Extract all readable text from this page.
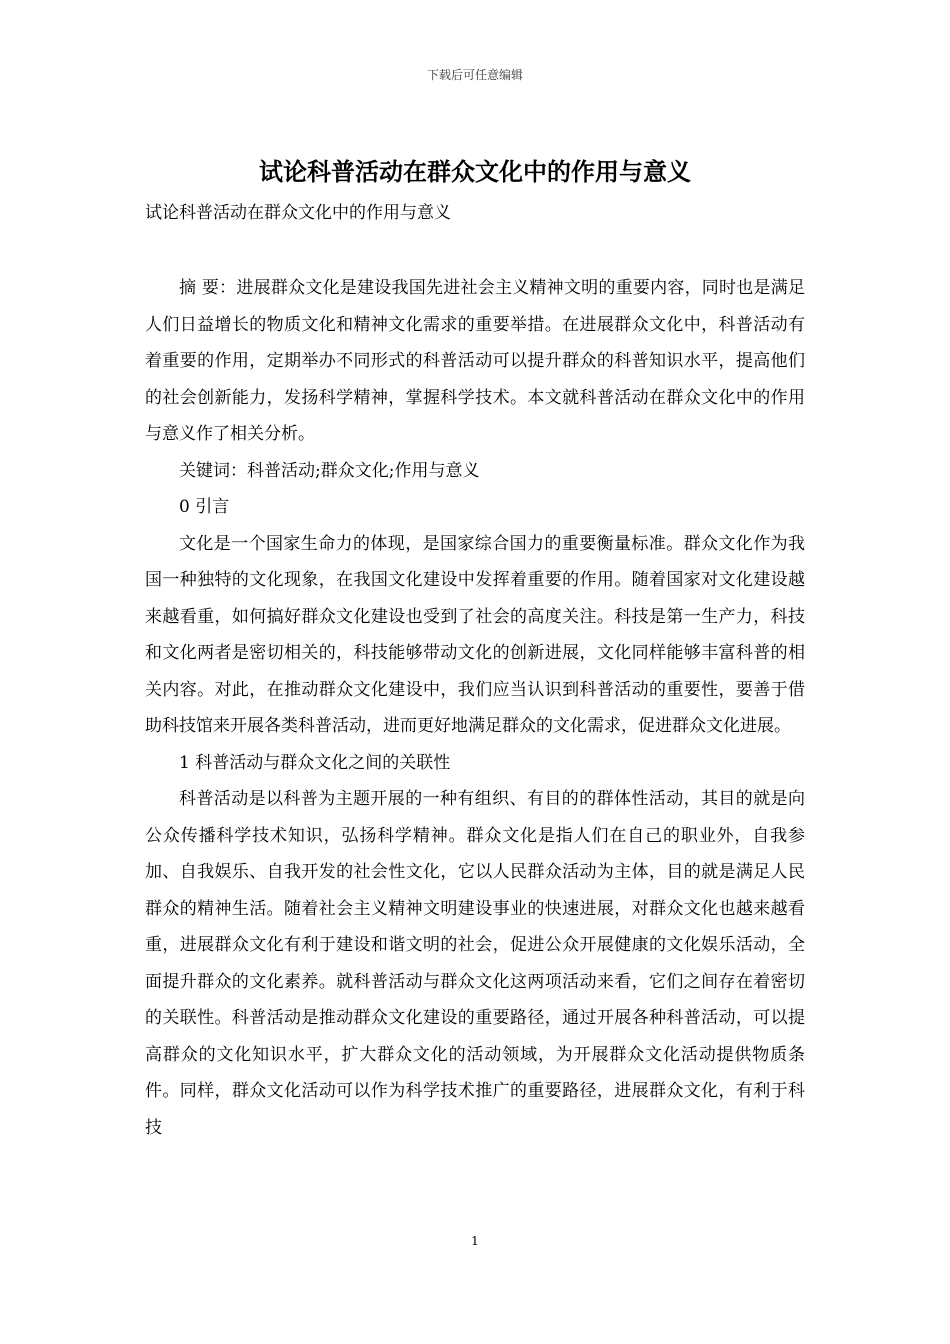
下载后可任意编辑
试论科普活动在群众文化中的作用与意义

试论科普活动在群众文化中的作用与意义

摘 要：进展群众文化是建设我国先进社会主义精神文明的重要内容，同时也是满足人们日益增长的物质文化和精神文化需求的重要举措。在进展群众文化中，科普活动有着重要的作用，定期举办不同形式的科普活动可以提升群众的科普知识水平，提高他们的社会创新能力，发扬科学精神，掌握科学技术。本文就科普活动在群众文化中的作用与意义作了相关分析。

关键词：科普活动;群众文化;作用与意义

0 引言

文化是一个国家生命力的体现，是国家综合国力的重要衡量标准。群众文化作为我国一种独特的文化现象，在我国文化建设中发挥着重要的作用。随着国家对文化建设越来越看重，如何搞好群众文化建设也受到了社会的高度关注。科技是第一生产力，科技和文化两者是密切相关的，科技能够带动文化的创新进展，文化同样能够丰富科普的相关内容。对此，在推动群众文化建设中，我们应当认识到科普活动的重要性，要善于借助科技馆来开展各类科普活动，进而更好地满足群众的文化需求，促进群众文化进展。

1 科普活动与群众文化之间的关联性

科普活动是以科普为主题开展的一种有组织、有目的的群体性活动，其目的就是向公众传播科学技术知识，弘扬科学精神。群众文化是指人们在自己的职业外，自我参加、自我娱乐、自我开发的社会性文化，它以人民群众活动为主体，目的就是满足人民群众的精神生活。随着社会主义精神文明建设事业的快速进展，对群众文化也越来越看重，进展群众文化有利于建设和谐文明的社会，促进公众开展健康的文化娱乐活动，全面提升群众的文化素养。就科普活动与群众文化这两项活动来看，它们之间存在着密切的关联性。科普活动是推动群众文化建设的重要路径，通过开展各种科普活动，可以提高群众的文化知识水平，扩大群众文化的活动领域，为开展群众文化活动提供物质条件。同样，群众文化活动可以作为科学技术推广的重要路径，进展群众文化，有利于科技

1
